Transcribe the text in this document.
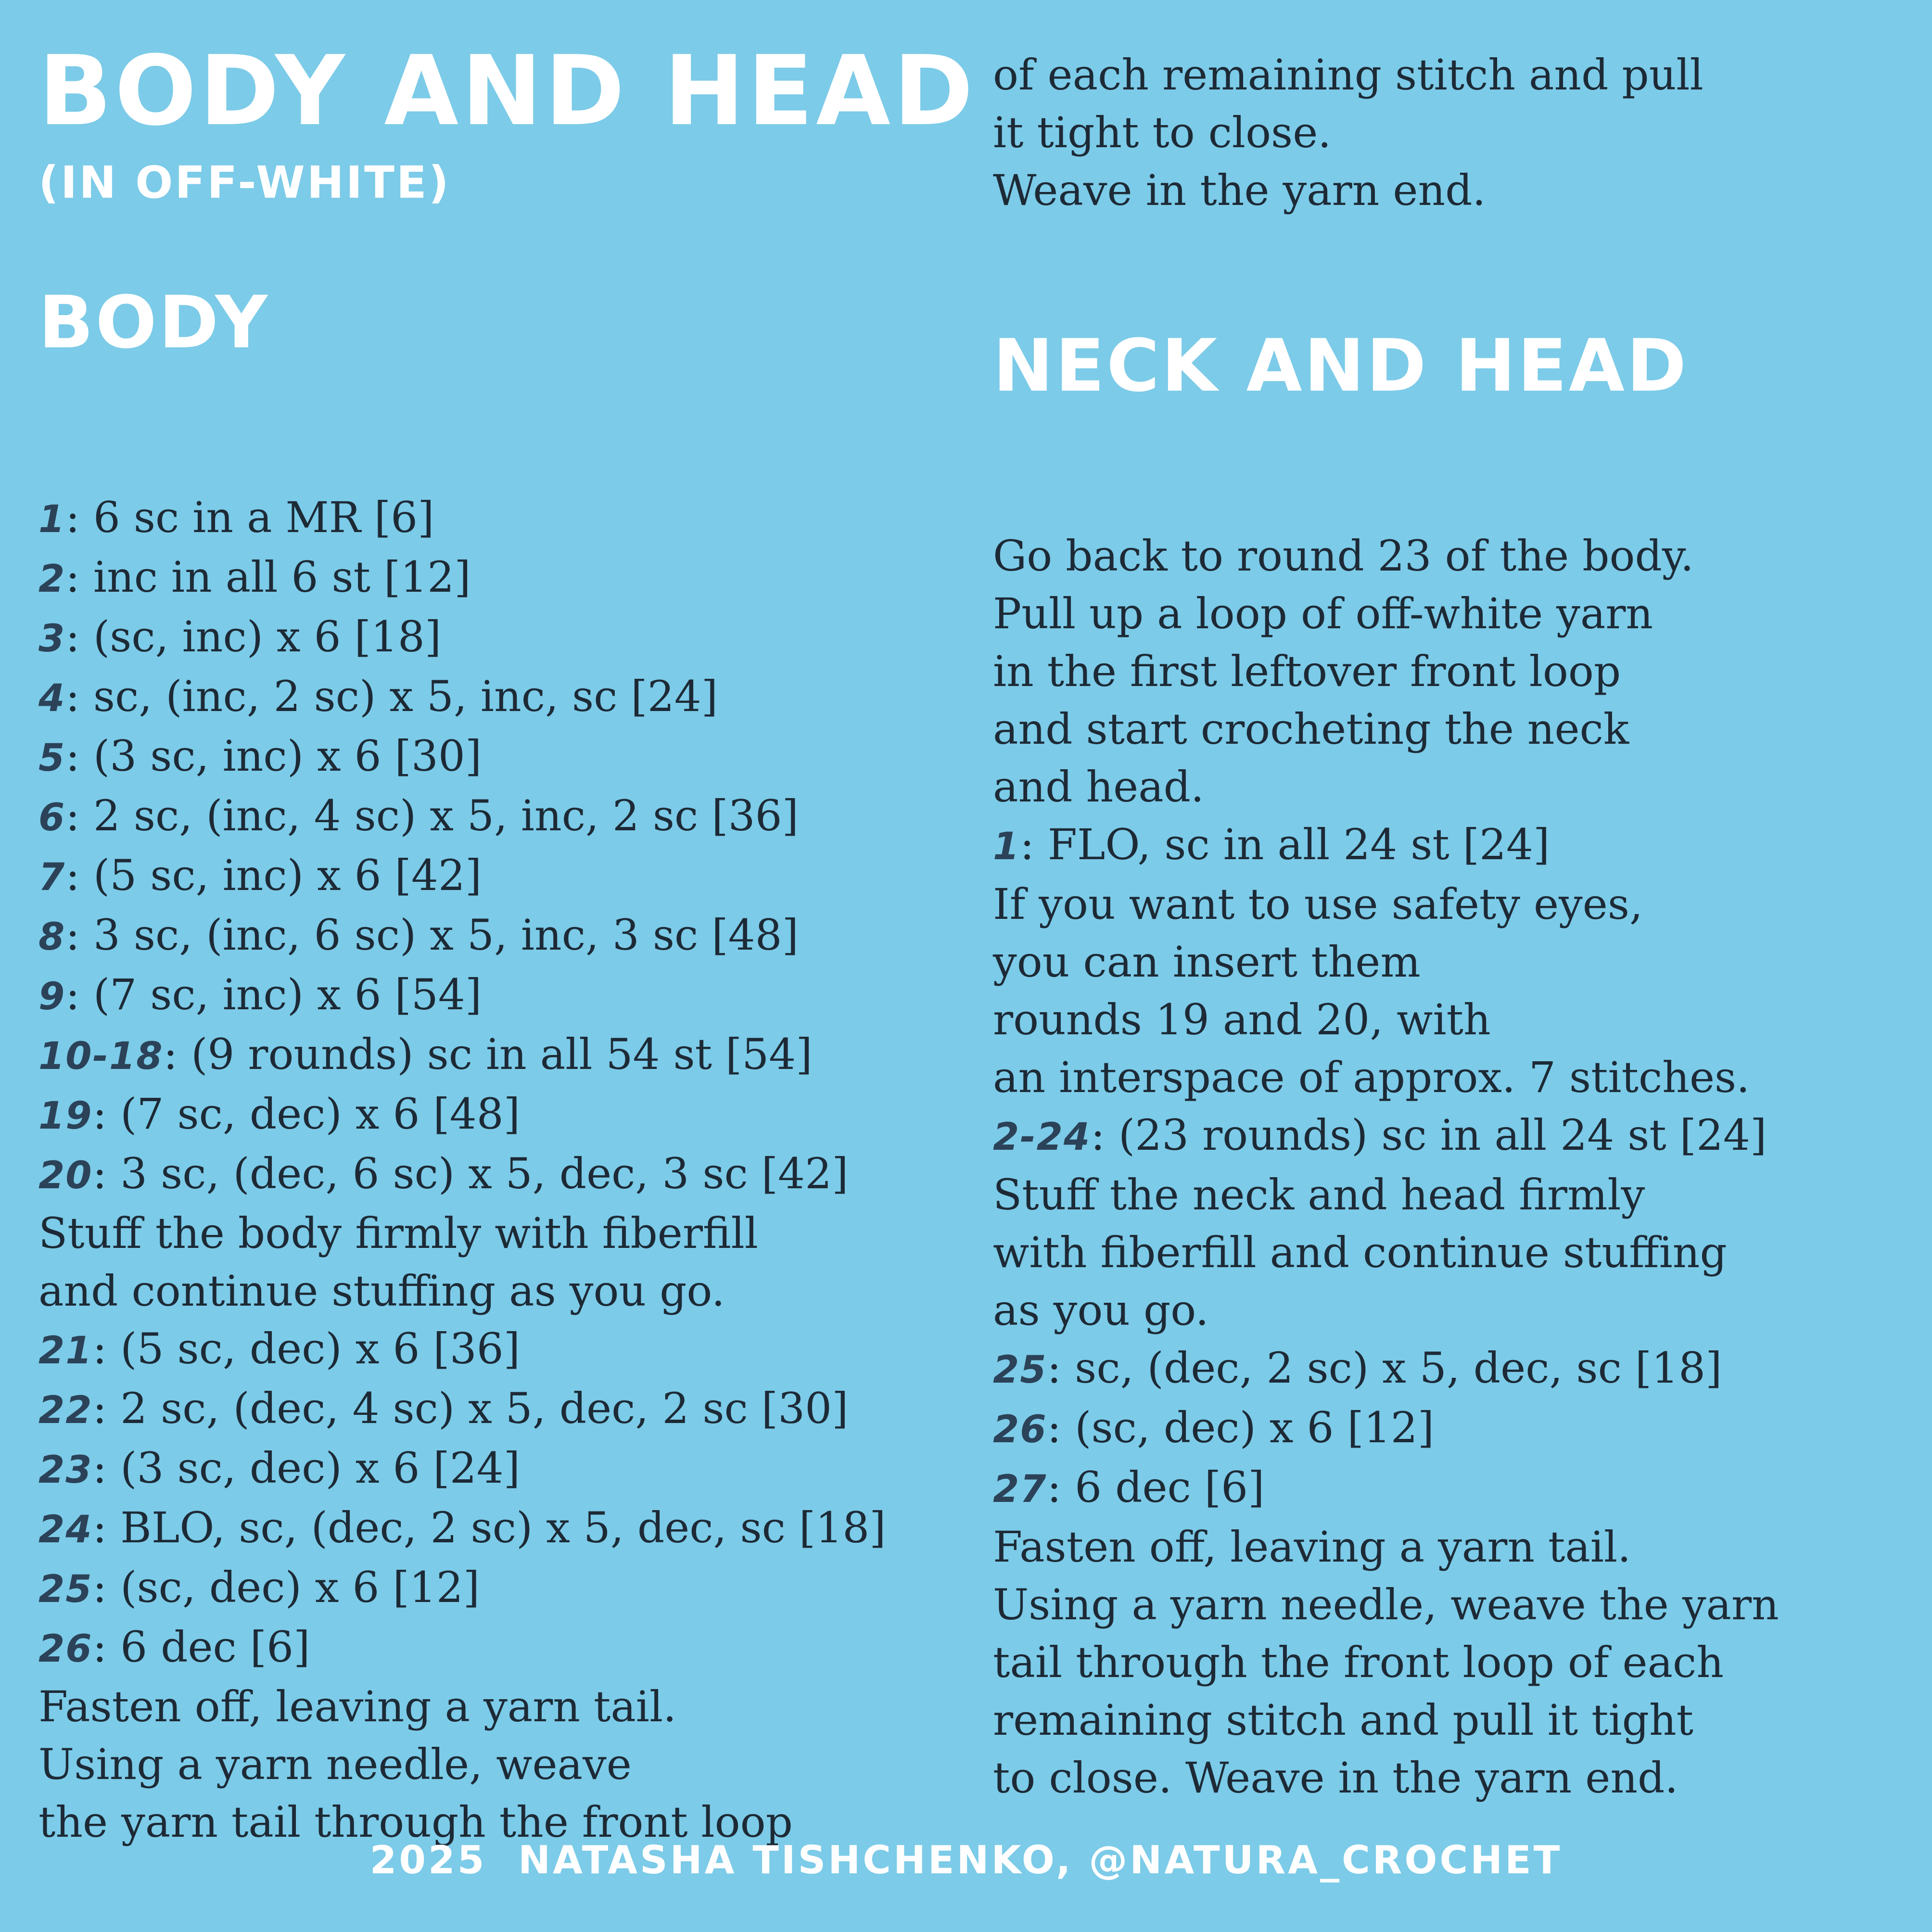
BODY AND HEAD
(IN OFF-WHITE)
BODY
1: 6 sc in a MR [6]
2: inc in all 6 st [12]
3: (sc, inc) x 6 [18]
4: sc, (inc, 2 sc) x 5, inc, sc [24]
5: (3 sc, inc) x 6 [30]
6: 2 sc, (inc, 4 sc) x 5, inc, 2 sc [36]
7: (5 sc, inc) x 6 [42]
8: 3 sc, (inc, 6 sc) x 5, inc, 3 sc [48]
9: (7 sc, inc) x 6 [54]
10-18: (9 rounds) sc in all 54 st [54]
19: (7 sc, dec) x 6 [48]
20: 3 sc, (dec, 6 sc) x 5, dec, 3 sc [42]
Stuff the body firmly with fiberfill
and continue stuffing as you go.
21: (5 sc, dec) x 6 [36]
22: 2 sc, (dec, 4 sc) x 5, dec, 2 sc [30]
23: (3 sc, dec) x 6 [24]
24: BLO, sc, (dec, 2 sc) x 5, dec, sc [18]
25: (sc, dec) x 6 [12]
26: 6 dec [6]
Fasten off, leaving a yarn tail.
Using a yarn needle, weave
the yarn tail through the front loop
of each remaining stitch and pull
it tight to close.
Weave in the yarn end.
NECK AND HEAD
Go back to round 23 of the body.
Pull up a loop of off-white yarn
in the first leftover front loop
and start crocheting the neck
and head.
1: FLO, sc in all 24 st [24]
If you want to use safety eyes,
you can insert them
rounds 19 and 20, with
an interspace of approx. 7 stitches.
2-24: (23 rounds) sc in all 24 st [24]
Stuff the neck and head firmly
with fiberfill and continue stuffing
as you go.
25: sc, (dec, 2 sc) x 5, dec, sc [18]
26: (sc, dec) x 6 [12]
27: 6 dec [6]
Fasten off, leaving a yarn tail.
Using a yarn needle, weave the yarn
tail through the front loop of each
remaining stitch and pull it tight
to close. Weave in the yarn end.
2025  NATASHA TISHCHENKO, @NATURA_CROCHET
